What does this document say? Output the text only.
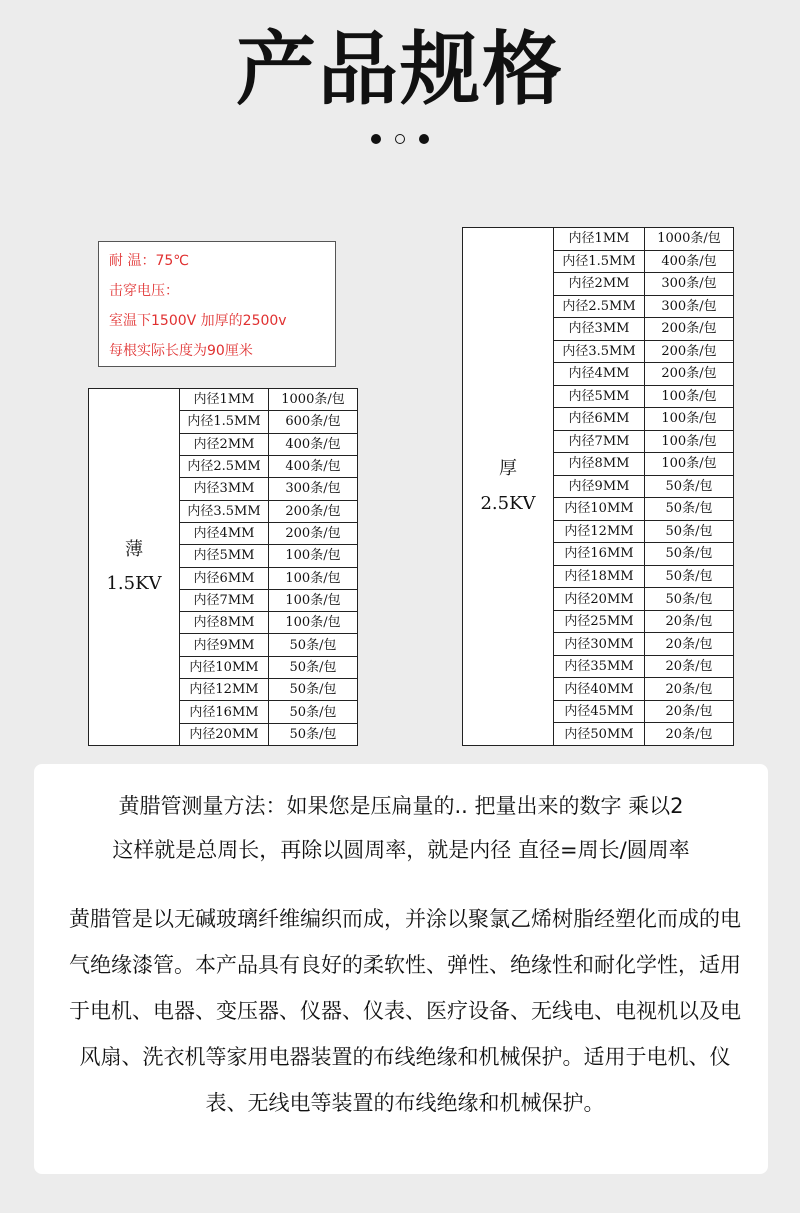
产品规格
耐 温：75℃
击穿电压：
室温下1500V 加厚的2500v
每根实际长度为90厘米
薄
1.5KV	内径1MM	1000条/包
	内径1.5MM	600条/包
	内径2MM	400条/包
	内径2.5MM	400条/包
	内径3MM	300条/包
	内径3.5MM	200条/包
	内径4MM	200条/包
	内径5MM	100条/包
	内径6MM	100条/包
	内径7MM	100条/包
	内径8MM	100条/包
	内径9MM	50条/包
	内径10MM	50条/包
	内径12MM	50条/包
	内径16MM	50条/包
	内径20MM	50条/包
厚
2.5KV	内径1MM	1000条/包
	内径1.5MM	400条/包
	内径2MM	300条/包
	内径2.5MM	300条/包
	内径3MM	200条/包
	内径3.5MM	200条/包
	内径4MM	200条/包
	内径5MM	100条/包
	内径6MM	100条/包
	内径7MM	100条/包
	内径8MM	100条/包
	内径9MM	50条/包
	内径10MM	50条/包
	内径12MM	50条/包
	内径16MM	50条/包
	内径18MM	50条/包
	内径20MM	50条/包
	内径25MM	20条/包
	内径30MM	20条/包
	内径35MM	20条/包
	内径40MM	20条/包
	内径45MM	20条/包
	内径50MM	20条/包
黄腊管测量方法：如果您是压扁量的.. 把量出来的数字 乘以2
这样就是总周长，再除以圆周率，就是内径 直径=周长/圆周率
黄腊管是以无碱玻璃纤维编织而成，并涂以聚氯乙烯树脂经塑化而成的电气绝缘漆管。本产品具有良好的柔软性、弹性、绝缘性和耐化学性，适用于电机、电器、变压器、仪器、仪表、医疗设备、无线电、电视机以及电风扇、洗衣机等家用电器装置的布线绝缘和机械保护。适用于电机、仪表、无线电等装置的布线绝缘和机械保护。
